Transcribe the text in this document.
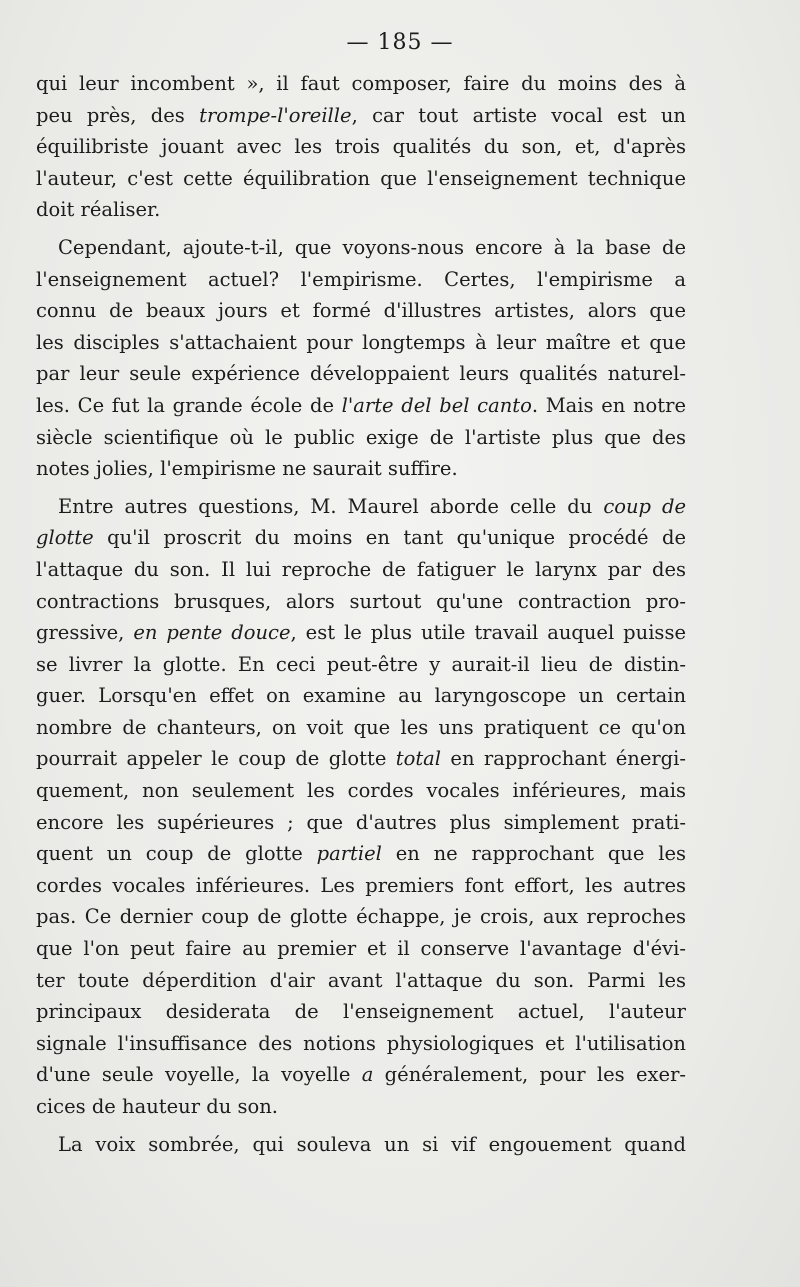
— 185 —
qui leur incombent », il faut composer, faire du moins des à
peu près, des trompe-l'oreille, car tout artiste vocal est un
équilibriste jouant avec les trois qualités du son, et, d'après
l'auteur, c'est cette équilibration que l'enseignement technique
doit réaliser.
Cependant, ajoute-t-il, que voyons-nous encore à la base de
l'enseignement actuel? l'empirisme. Certes, l'empirisme a
connu de beaux jours et formé d'illustres artistes, alors que
les disciples s'attachaient pour longtemps à leur maître et que
par leur seule expérience développaient leurs qualités naturel-
les. Ce fut la grande école de l'arte del bel canto. Mais en notre
siècle scientifique où le public exige de l'artiste plus que des
notes jolies, l'empirisme ne saurait suffire.
Entre autres questions, M. Maurel aborde celle du coup de
glotte qu'il proscrit du moins en tant qu'unique procédé de
l'attaque du son. Il lui reproche de fatiguer le larynx par des
contractions brusques, alors surtout qu'une contraction pro-
gressive, en pente douce, est le plus utile travail auquel puisse
se livrer la glotte. En ceci peut-être y aurait-il lieu de distin-
guer. Lorsqu'en effet on examine au laryngoscope un certain
nombre de chanteurs, on voit que les uns pratiquent ce qu'on
pourrait appeler le coup de glotte total en rapprochant énergi-
quement, non seulement les cordes vocales inférieures, mais
encore les supérieures ; que d'autres plus simplement prati-
quent un coup de glotte partiel en ne rapprochant que les
cordes vocales inférieures. Les premiers font effort, les autres
pas. Ce dernier coup de glotte échappe, je crois, aux reproches
que l'on peut faire au premier et il conserve l'avantage d'évi-
ter toute déperdition d'air avant l'attaque du son. Parmi les
principaux desiderata de l'enseignement actuel, l'auteur
signale l'insuffisance des notions physiologiques et l'utilisation
d'une seule voyelle, la voyelle a généralement, pour les exer-
cices de hauteur du son.
La voix sombrée, qui souleva un si vif engouement quand
